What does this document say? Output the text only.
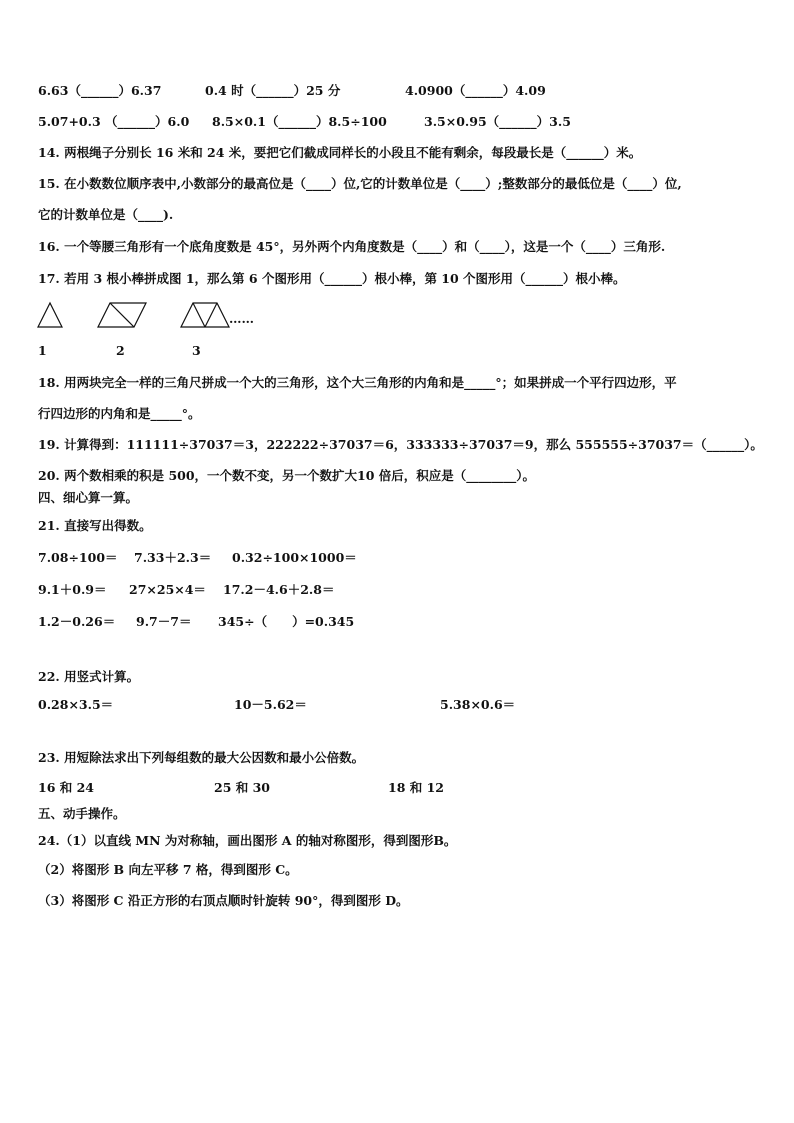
6.63（______）6.37	0.4 时（______）25 分	4.0900（______）4.09
5.07+0.3 （______）6.0 8.5×0.1（______）8.5÷100	3.5×0.95（______）3.5
14. 两根绳子分别长 16 米和 24 米，要把它们截成同样长的小段且不能有剩余，每段最长是（______）米。
15. 在小数数位顺序表中,小数部分的最高位是（____）位,它的计数单位是（____）;整数部分的最低位是（____）位,
它的计数单位是（____).
16. 一个等腰三角形有一个底角度数是 45°，另外两个内角度数是（____）和（____），这是一个（____）三角形.
17. 若用 3 根小棒拼成图 1，那么第 6 个图形用（______）根小棒，第 10 个图形用（______）根小棒。
……
1	2	3
18. 用两块完全一样的三角尺拼成一个大的三角形，这个大三角形的内角和是_____°；如果拼成一个平行四边形，平
行四边形的内角和是_____°。
19. 计算得到：111111÷37037＝3，222222÷37037＝6，333333÷37037＝9，那么 555555÷37037＝（______）。
20. 两个数相乘的积是 500，一个数不变，另一个数扩大10 倍后，积应是（________）。
四、细心算一算。
21. 直接写出得数。
7.08÷100＝ 7.33＋2.3＝ 0.32÷100×1000＝
9.1＋0.9＝ 27×25×4＝ 17.2－4.6＋2.8＝
1.2－0.26＝ 9.7－7＝ 345÷（　　）=0.345
22. 用竖式计算。
0.28×3.5＝	10－5.62＝	5.38×0.6＝
23. 用短除法求出下列每组数的最大公因数和最小公倍数。
16 和 24	25 和 30	18 和 12
五、动手操作。
24.（1）以直线 MN 为对称轴，画出图形 A 的轴对称图形，得到图形B。
（2）将图形 B 向左平移 7 格，得到图形 C。
（3）将图形 C 沿正方形的右顶点顺时针旋转 90°，得到图形 D。
